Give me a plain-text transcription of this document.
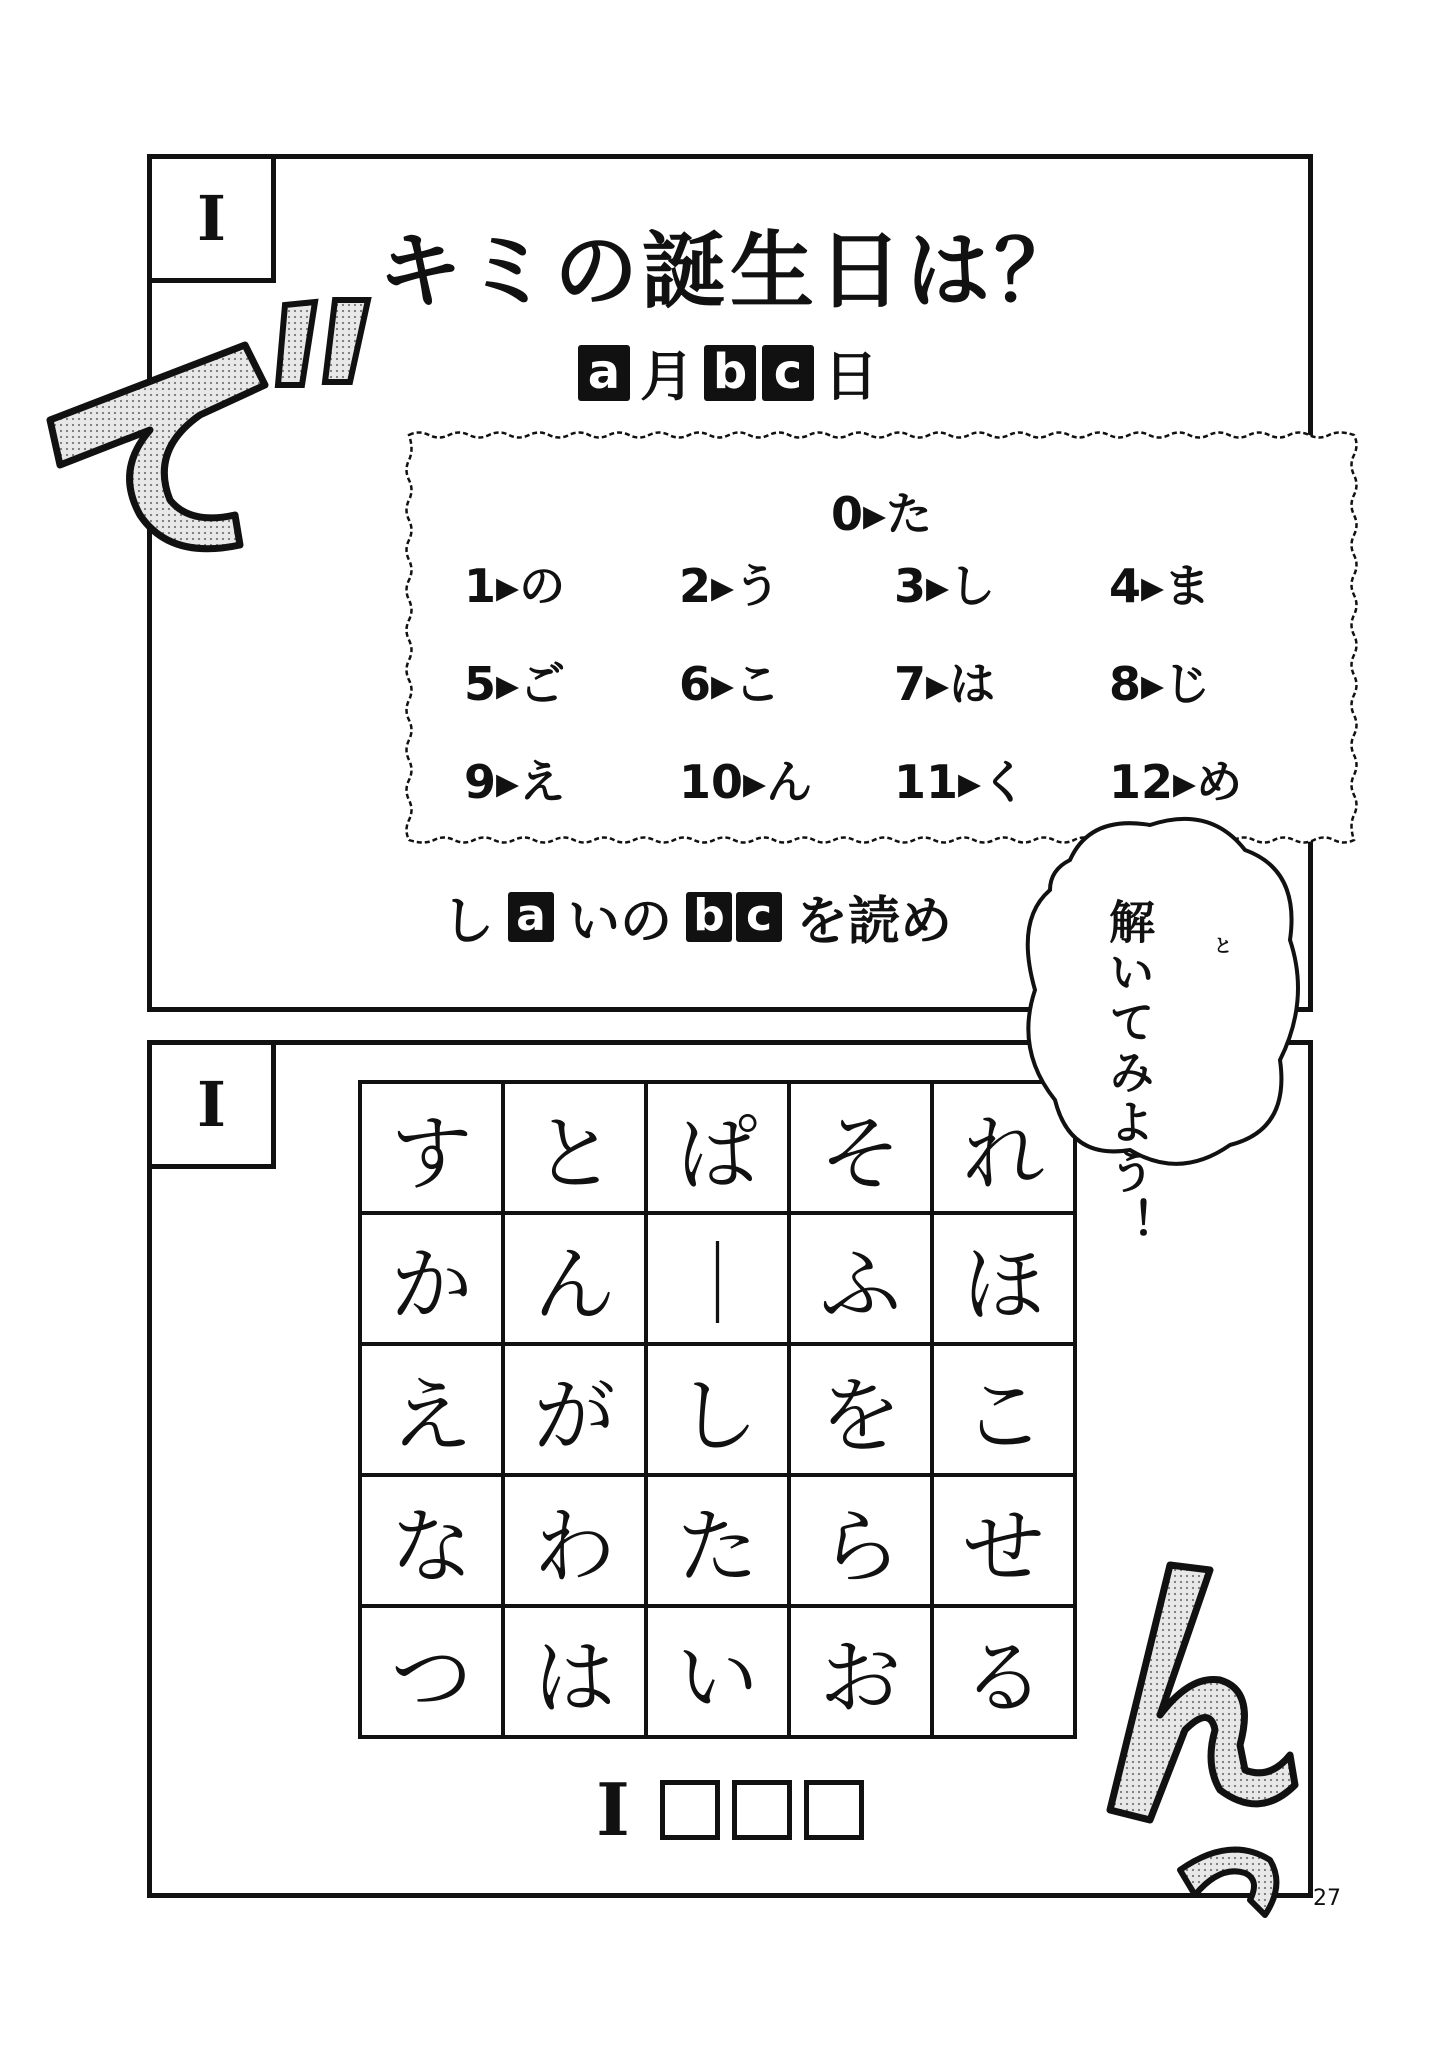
I
キミの誕生日は？
a 月 b c 日
0▸た
1▸の	2▸う	3▸し	4▸ま
5▸ご	6▸こ	7▸は	8▸じ
9▸え	10▸ん	11▸く	12▸め
し a いの b c を読め
I
す	と	ぱ	そ	れ
か	ん	｜	ふ	ほ
え	が	し	を	こ
な	わ	た	ら	せ
つ	は	い	お	る
I
解いてみよう！	と
27
